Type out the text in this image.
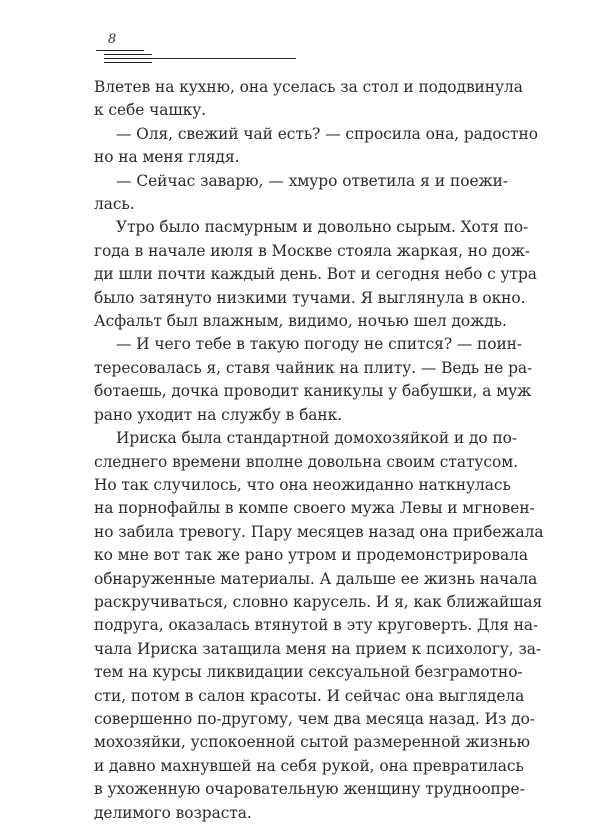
8
Влетев на кухню, она уселась за стол и пододвинула
к себе чашку.
— Оля, свежий чай есть? — спросила она, радостно
но на меня глядя.
— Сейчас заварю, — хмуро ответила я и поежи-
лась.
Утро было пасмурным и довольно сырым. Хотя по-
года в начале июля в Москве стояла жаркая, но дож-
ди шли почти каждый день. Вот и сегодня небо с утра
было затянуто низкими тучами. Я выглянула в окно.
Асфальт был влажным, видимо, ночью шел дождь.
— И чего тебе в такую погоду не спится? — поин-
тересовалась я, ставя чайник на плиту. — Ведь не ра-
ботаешь, дочка проводит каникулы у бабушки, а муж
рано уходит на службу в банк.
Ириска была стандартной домохозяйкой и до по-
следнего времени вполне довольна своим статусом.
Но так случилось, что она неожиданно наткнулась
на порнофайлы в компе своего мужа Левы и мгновен-
но забила тревогу. Пару месяцев назад она прибежала
ко мне вот так же рано утром и продемонстрировала
обнаруженные материалы. А дальше ее жизнь начала
раскручиваться, словно карусель. И я, как ближайшая
подруга, оказалась втянутой в эту круговерть. Для на-
чала Ириска затащила меня на прием к психологу, за-
тем на курсы ликвидации сексуальной безграмотно-
сти, потом в салон красоты. И сейчас она выглядела
совершенно по-другому, чем два месяца назад. Из до-
мохозяйки, успокоенной сытой размеренной жизнью
и давно махнувшей на себя рукой, она превратилась
в ухоженную очаровательную женщину трудноопре-
делимого возраста.
